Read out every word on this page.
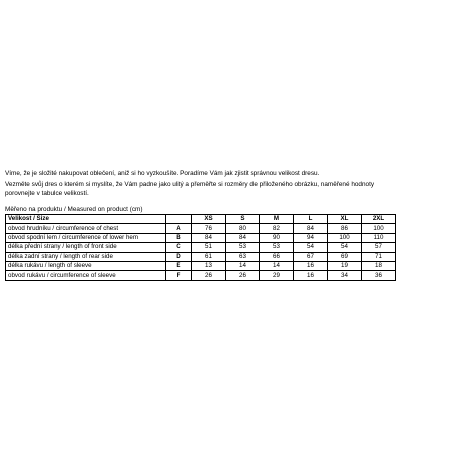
Víme, že je složité nakupovat oblečení, aniž si ho vyzkoušíte. Poradíme Vám jak zjistit správnou velikost dresu.

Vezměte svůj dres o kterém si myslíte, že Vám padne jako ulitý a přeměřte si rozměry dle přiloženého obrázku, naměřené hodnoty

porovnejte v tabulce velikostí.

Měřeno na produktu / Measured on product (cm)
Velikost / Size		XS	S	M	L	XL	2XL
obvod hrudníku / circumference of chest	A	76	80	82	84	86	100
obvod spodní lem / circumference of lower hem	B	84	84	90	94	100	110
délka přední strany / length of front side	C	51	53	53	54	54	57
délka zadní strany / length of rear side	D	61	63	66	67	69	71
délka rukávu / length of sleeve	E	13	14	14	16	19	18
obvod rukávu / circumference of sleeve	F	26	26	29	16	34	36
